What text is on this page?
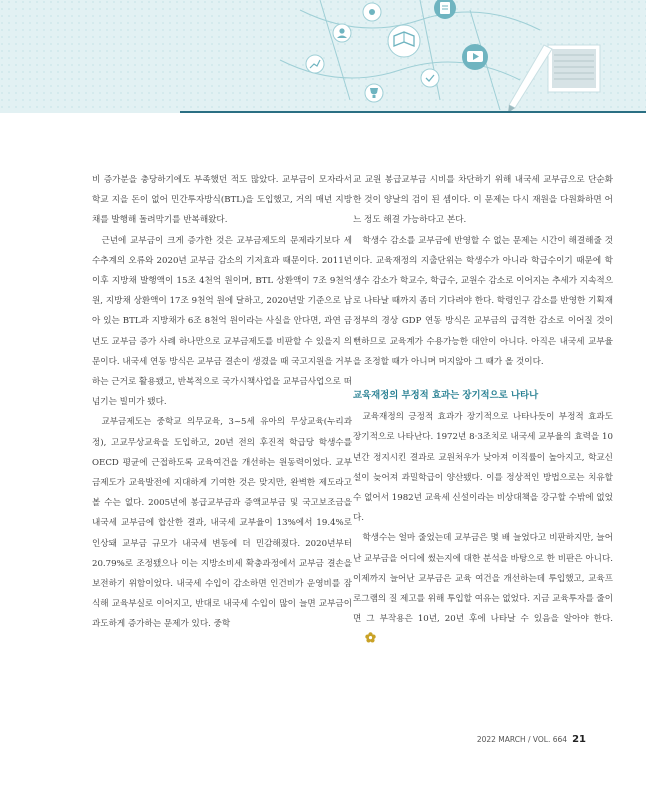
비 증가분을 충당하기에도 부족했던 적도 많았다. 교부금이 모자라서 학교 지을 돈이 없어 민간투자방식(BTL)을 도입했고, 거의 매년 지방채를 발행해 돌려막기를 반복해왔다.

근년에 교부금이 크게 증가한 것은 교부금제도의 문제라기보다 세수추계의 오류와 2020년 교부금 감소의 기저효과 때문이다. 2011년 이후 지방채 발행액이 15조 4천억 원이며, BTL 상환액이 7조 9천억 원, 지방채 상환액이 17조 9천억 원에 달하고, 2020년말 기준으로 남아 있는 BTL과 지방채가 6조 8천억 원이라는 사실을 안다면, 과연 금년도 교부금 증가 사례 하나만으로 교부금제도를 비판할 수 있을지 의문이다. 내국세 연동 방식은 교부금 결손이 생겼을 때 국고지원을 거부하는 근거로 활용됐고, 반복적으로 국가시책사업을 교부금사업으로 떠넘기는 빌미가 됐다.

교부금제도는 중학교 의무교육, 3~5세 유아의 무상교육(누리과정), 고교무상교육을 도입하고, 20년 전의 후진적 학급당 학생수를 OECD 평균에 근접하도록 교육여건을 개선하는 원동력이었다. 교부금제도가 교육발전에 지대하게 기여한 것은 맞지만, 완벽한 제도라고 볼 수는 없다. 2005년에 봉급교부금과 증액교부금 및 국고보조금을 내국세 교부금에 합산한 결과, 내국세 교부율이 13%에서 19.4%로 인상돼 교부금 규모가 내국세 변동에 더 민감해졌다. 2020년부터 20.79%로 조정됐으나 이는 지방소비세 확충과정에서 교부금 결손을 보전하기 위함이었다. 내국세 수입이 감소하면 인건비가 운영비를 잠식해 교육부실로 이어지고, 반대로 내국세 수입이 많이 늘면 교부금이 과도하게 증가하는 문제가 있다. 중학

교 교원 봉급교부금 시비를 차단하기 위해 내국세 교부금으로 단순화한 것이 양날의 검이 된 셈이다. 이 문제는 다시 재원을 다원화하면 어느 정도 해결 가능하다고 본다.

학생수 감소를 교부금에 반영할 수 없는 문제는 시간이 해결해줄 것이다. 교육재정의 지출단위는 학생수가 아니라 학급수이기 때문에 학생수 감소가 학교수, 학급수, 교원수 감소로 이어지는 추세가 지속적으로 나타날 때까지 좀더 기다려야 한다. 학령인구 감소를 반영한 기획재정부의 경상 GDP 연동 방식은 교부금의 급격한 감소로 이어질 것이 뻔하므로 교육계가 수용가능한 대안이 아니다. 아직은 내국세 교부율을 조정할 때가 아니며 머지않아 그 때가 올 것이다.

교육재정의 부정적 효과는 장기적으로 나타나

교육재정의 긍정적 효과가 장기적으로 나타나듯이 부정적 효과도 장기적으로 나타난다. 1972년 8·3조치로 내국세 교부율의 효력을 10년간 정지시킨 결과로 교원처우가 낮아져 이직률이 높아지고, 학교신설이 늦어져 과밀학급이 양산됐다. 이를 정상적인 방법으로는 치유할 수 없어서 1982년 교육세 신설이라는 비상대책을 강구할 수밖에 없었다.

학생수는 얼마 줄었는데 교부금은 몇 배 늘었다고 비판하지만, 늘어난 교부금을 어디에 썼는지에 대한 분석을 바탕으로 한 비판은 아니다. 이제까지 늘어난 교부금은 교육 여건을 개선하는데 투입했고, 교육프로그램의 질 제고를 위해 투입할 여유는 없었다. 지금 교육투자를 줄이면 그 부작용은 10년, 20년 후에 나타날 수 있음을 알아야 한다.

2022 MARCH / VOL. 664 21
